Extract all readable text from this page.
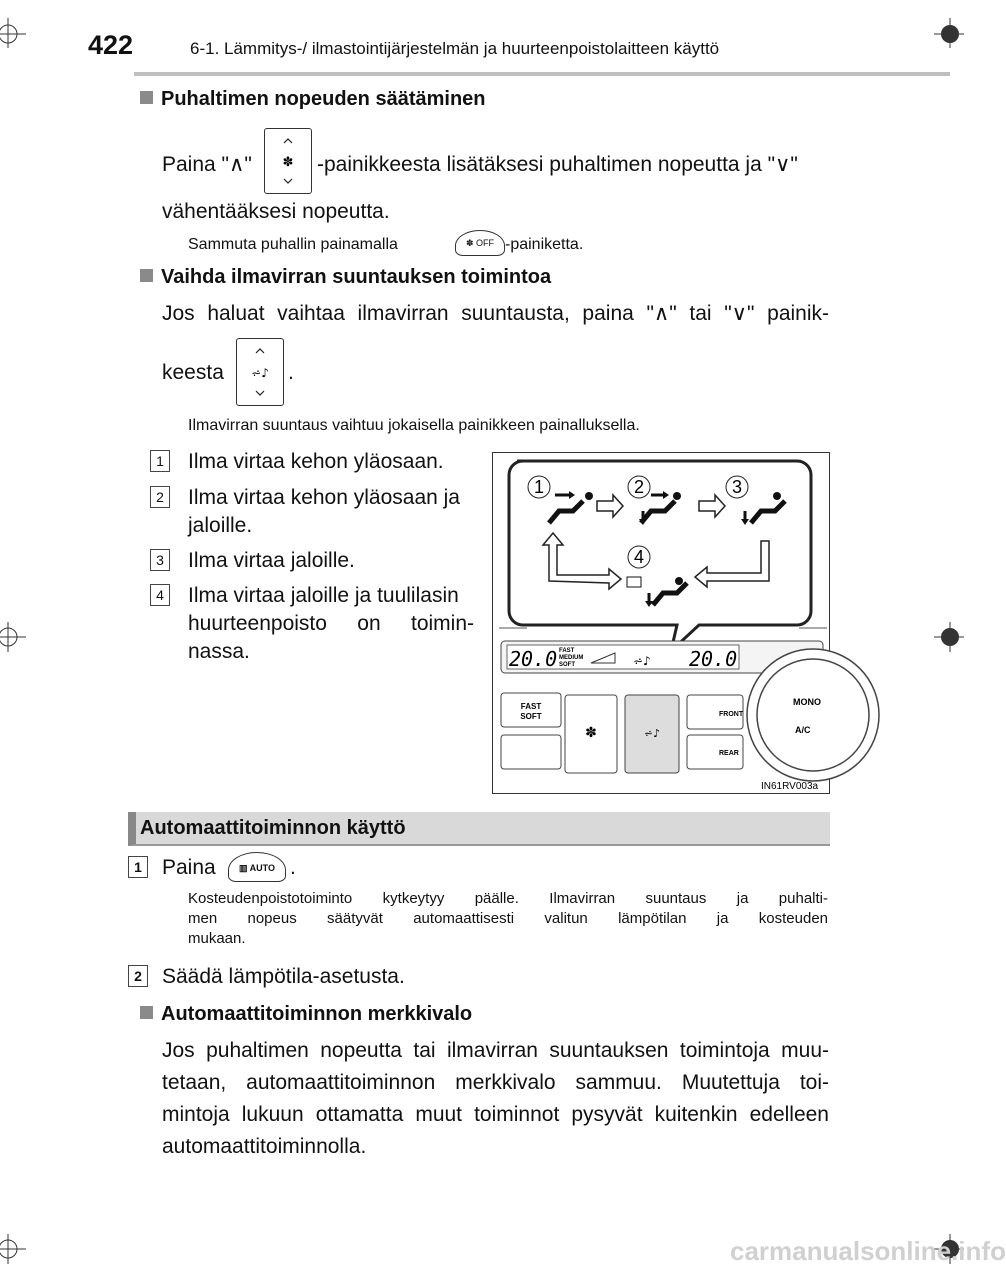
422	6-1. Lämmitys-/ ilmastointijärjestelmän ja huurteenpoistolaitteen käyttö
Puhaltimen nopeuden säätäminen
Paina "∧" ✽ -painikkeesta lisätäksesi puhaltimen nopeutta ja "∨"
vähentääksesi nopeutta.
Sammuta puhallin painamalla	✽ OFF -painiketta.
Vaihda ilmavirran suuntauksen toimintoa
Jos haluat vaihtaa ilmavirran suuntausta, paina "∧" tai "∨" painik-
keesta ⩫♪ .
Ilmavirran suuntaus vaihtuu jokaisella painikkeen painalluksella.
1 Ilma virtaa kehon yläosaan.
2 Ilma virtaa kehon yläosaan ja
jaloille.
3 Ilma virtaa jaloille.
4 Ilma virtaa jaloille ja tuulilasin
huurteenpoisto on toimin-
nassa.
1	2	3
4
20.0 FAST
MEDIUM
SOFT	⩫♪ 20.0
FAST
SOFT
✽	⩫♪
FRONT
REAR
MONO
A/C
IN61RV003a
Automaattitoiminnon käyttö
1 Paina	▥ AUTO .
Kosteudenpoistotoiminto kytkeytyy päälle. Ilmavirran suuntaus ja puhalti-
men nopeus säätyvät automaattisesti valitun lämpötilan ja kosteuden
mukaan.
2 Säädä lämpötila-asetusta.
Automaattitoiminnon merkkivalo
Jos puhaltimen nopeutta tai ilmavirran suuntauksen toimintoja muu-
tetaan, automaattitoiminnon merkkivalo sammuu. Muutettuja toi-
mintoja lukuun ottamatta muut toiminnot pysyvät kuitenkin edelleen
automaattitoiminnolla.
carmanualsonline.info
